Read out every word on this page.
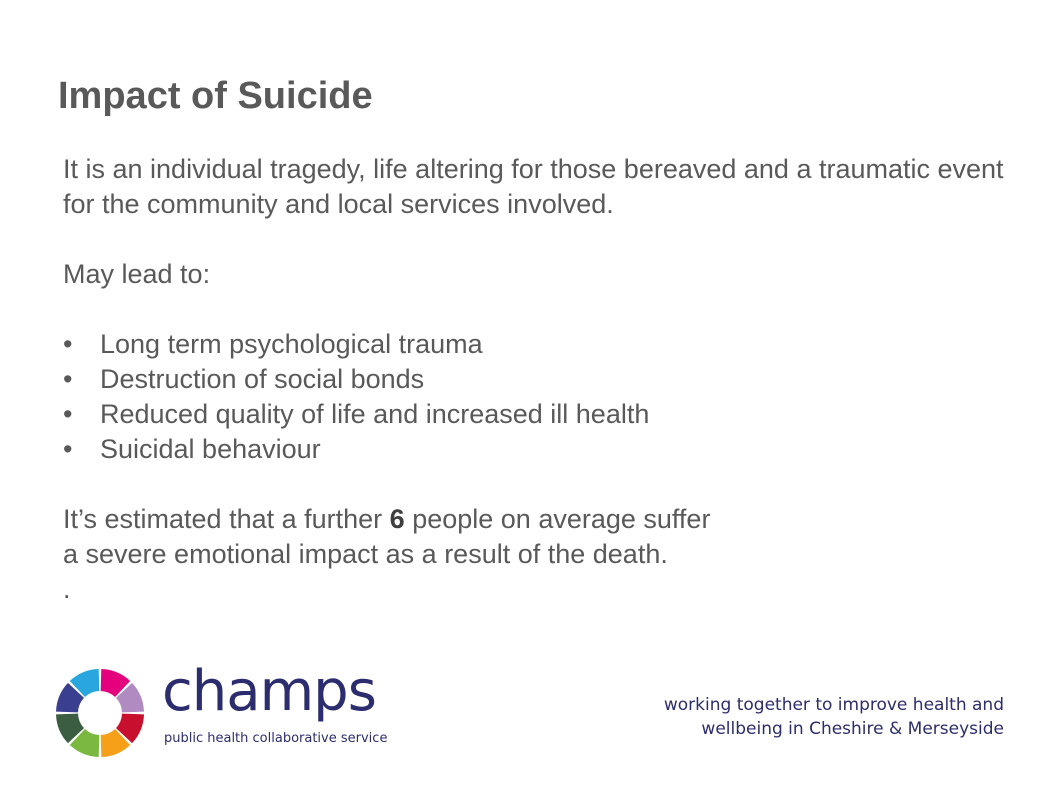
Impact of Suicide

It is an individual tragedy, life altering for those bereaved and a traumatic event for the community and local services involved.

May lead to:

•	Long term psychological trauma
•	Destruction of social bonds
•	Reduced quality of life and increased ill health
•	Suicidal behaviour

It’s estimated that a further 6 people on average suffer
a severe emotional impact as a result of the death.

.

champs
public health collaborative service
working together to improve health and
wellbeing in Cheshire & Merseyside
